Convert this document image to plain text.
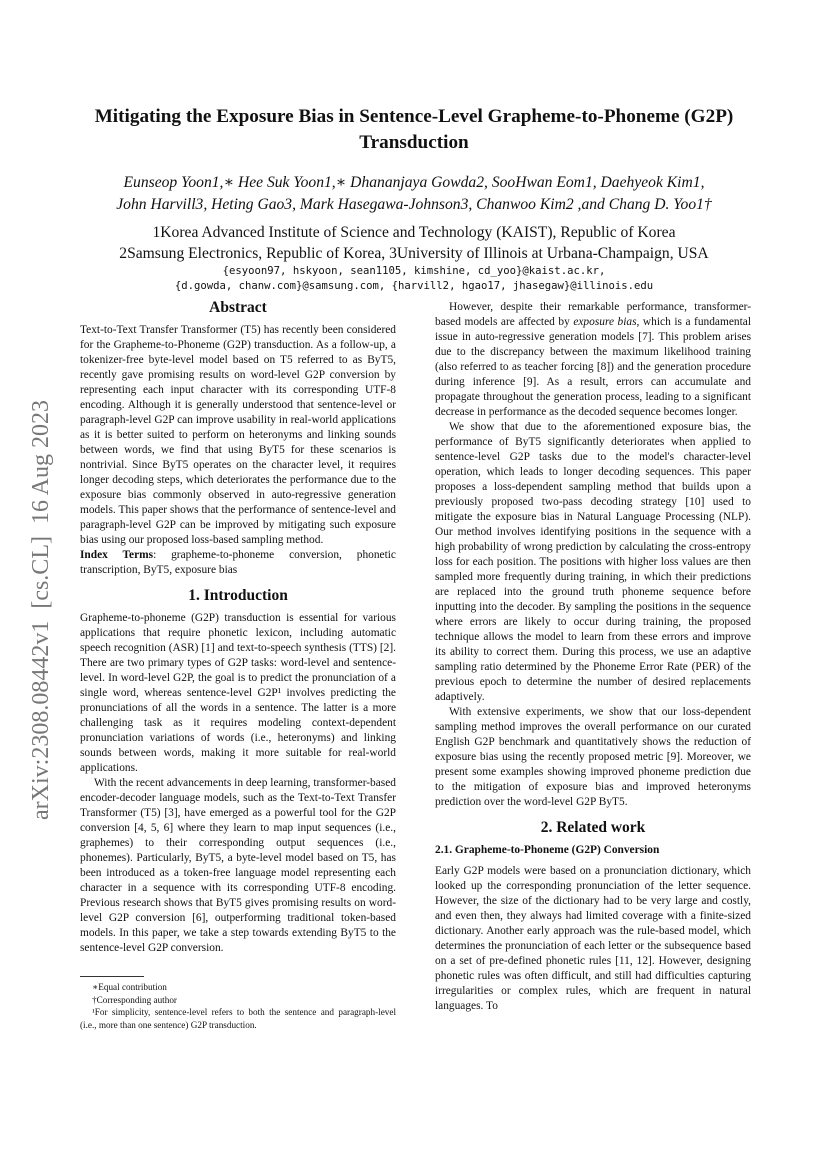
arXiv:2308.08442v1  [cs.CL]  16 Aug 2023
Mitigating the Exposure Bias in Sentence-Level Grapheme-to-Phoneme (G2P) Transduction
Eunseop Yoon1,∗ Hee Suk Yoon1,∗ Dhananjaya Gowda2, SooHwan Eom1, Daehyeok Kim1,
John Harvill3, Heting Gao3, Mark Hasegawa-Johnson3, Chanwoo Kim2 ,and Chang D. Yoo1†
1Korea Advanced Institute of Science and Technology (KAIST), Republic of Korea
2Samsung Electronics, Republic of Korea, 3University of Illinois at Urbana-Champaign, USA
{esyoon97, hskyoon, sean1105, kimshine, cd_yoo}@kaist.ac.kr,
{d.gowda, chanw.com}@samsung.com, {harvill2, hgao17, jhasegaw}@illinois.edu
Abstract

Text-to-Text Transfer Transformer (T5) has recently been considered for the Grapheme-to-Phoneme (G2P) transduction. As a follow-up, a tokenizer-free byte-level model based on T5 referred to as ByT5, recently gave promising results on word-level G2P conversion by representing each input character with its corresponding UTF-8 encoding. Although it is generally understood that sentence-level or paragraph-level G2P can improve usability in real-world applications as it is better suited to perform on heteronyms and linking sounds between words, we find that using ByT5 for these scenarios is nontrivial. Since ByT5 operates on the character level, it requires longer decoding steps, which deteriorates the performance due to the exposure bias commonly observed in auto-regressive generation models. This paper shows that the performance of sentence-level and paragraph-level G2P can be improved by mitigating such exposure bias using our proposed loss-based sampling method.

Index Terms: grapheme-to-phoneme conversion, phonetic transcription, ByT5, exposure bias

1. Introduction

Grapheme-to-phoneme (G2P) transduction is essential for various applications that require phonetic lexicon, including automatic speech recognition (ASR) [1] and text-to-speech synthesis (TTS) [2]. There are two primary types of G2P tasks: word-level and sentence-level. In word-level G2P, the goal is to predict the pronunciation of a single word, whereas sentence-level G2P¹ involves predicting the pronunciations of all the words in a sentence. The latter is a more challenging task as it requires modeling context-dependent pronunciation variations of words (i.e., heteronyms) and linking sounds between words, making it more suitable for real-world applications.

With the recent advancements in deep learning, transformer-based encoder-decoder language models, such as the Text-to-Text Transfer Transformer (T5) [3], have emerged as a powerful tool for the G2P conversion [4, 5, 6] where they learn to map input sequences (i.e., graphemes) to their corresponding output sequences (i.e., phonemes). Particularly, ByT5, a byte-level model based on T5, has been introduced as a token-free language model representing each character in a sequence with its corresponding UTF-8 encoding. Previous research shows that ByT5 gives promising results on word-level G2P conversion [6], outperforming traditional token-based models. In this paper, we take a step towards extending ByT5 to the sentence-level G2P conversion.

However, despite their remarkable performance, transformer-based models are affected by exposure bias, which is a fundamental issue in auto-regressive generation models [7]. This problem arises due to the discrepancy between the maximum likelihood training (also referred to as teacher forcing [8]) and the generation procedure during inference [9]. As a result, errors can accumulate and propagate throughout the generation process, leading to a significant decrease in performance as the decoded sequence becomes longer.

We show that due to the aforementioned exposure bias, the performance of ByT5 significantly deteriorates when applied to sentence-level G2P tasks due to the model's character-level operation, which leads to longer decoding sequences. This paper proposes a loss-dependent sampling method that builds upon a previously proposed two-pass decoding strategy [10] used to mitigate the exposure bias in Natural Language Processing (NLP). Our method involves identifying positions in the sequence with a high probability of wrong prediction by calculating the cross-entropy loss for each position. The positions with higher loss values are then sampled more frequently during training, in which their predictions are replaced into the ground truth phoneme sequence before inputting into the decoder. By sampling the positions in the sequence where errors are likely to occur during training, the proposed technique allows the model to learn from these errors and improve its ability to correct them. During this process, we use an adaptive sampling ratio determined by the Phoneme Error Rate (PER) of the previous epoch to determine the number of desired replacements adaptively.

With extensive experiments, we show that our loss-dependent sampling method improves the overall performance on our curated English G2P benchmark and quantitatively shows the reduction of exposure bias using the recently proposed metric [9]. Moreover, we present some examples showing improved phoneme prediction due to the mitigation of exposure bias and improved heteronyms prediction over the word-level G2P ByT5.

2. Related work
2.1. Grapheme-to-Phoneme (G2P) Conversion

Early G2P models were based on a pronunciation dictionary, which looked up the corresponding pronunciation of the letter sequence. However, the size of the dictionary had to be very large and costly, and even then, they always had limited coverage with a finite-sized dictionary. Another early approach was the rule-based model, which determines the pronunciation of each letter or the subsequence based on a set of pre-defined phonetic rules [11, 12]. However, designing phonetic rules was often difficult, and still had difficulties capturing irregularities or complex rules, which are frequent in natural languages. To

∗Equal contribution
†Corresponding author
¹For simplicity, sentence-level refers to both the sentence and paragraph-level (i.e., more than one sentence) G2P transduction.
